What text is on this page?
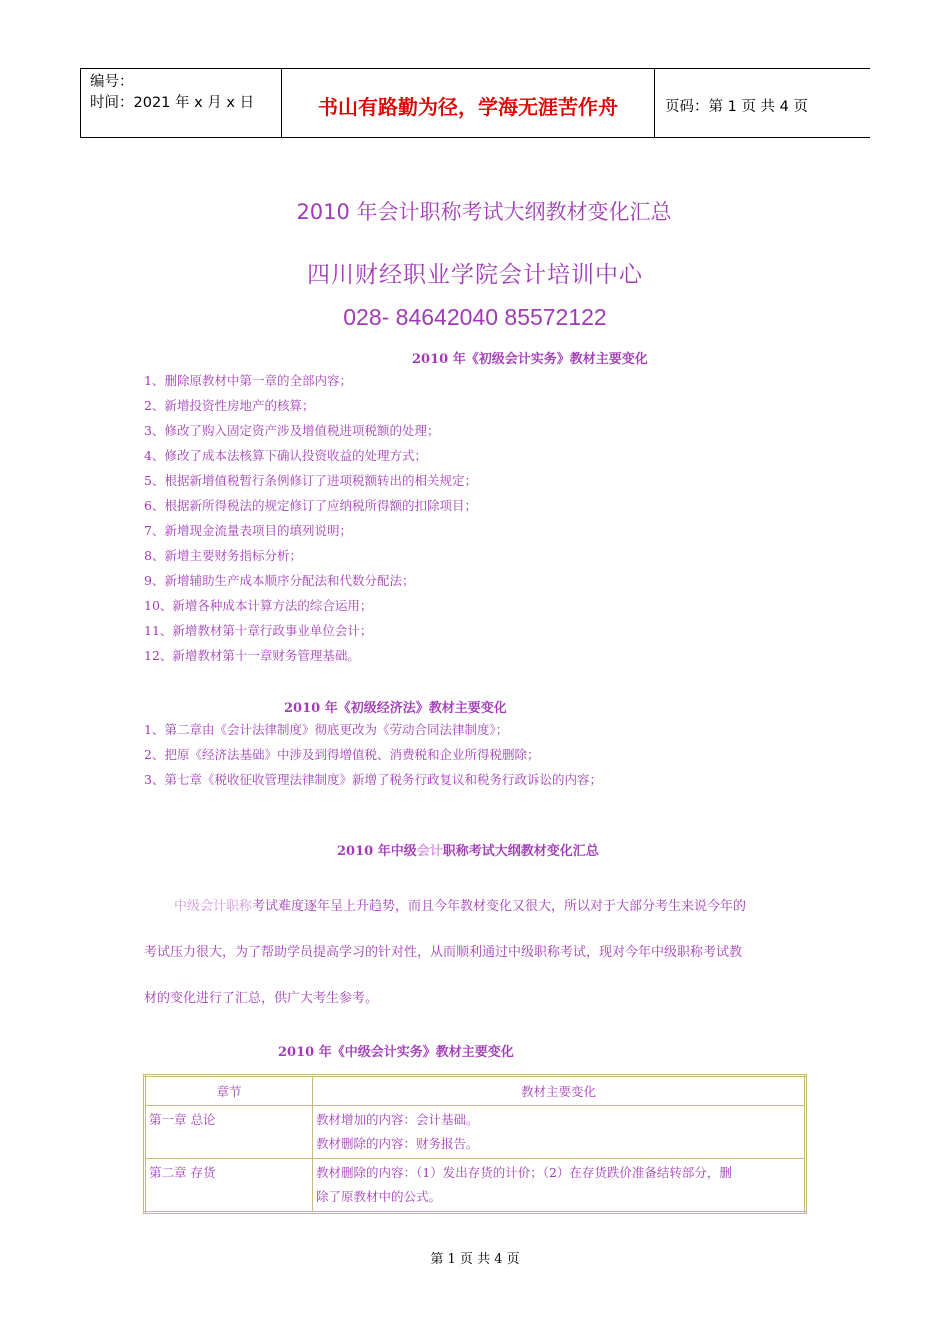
编号：
时间：2021 年 x 月 x 日	书山有路勤为径，学海无涯苦作舟	页码：第 1 页 共 4 页
2010 年会计职称考试大纲教材变化汇总
四川财经职业学院会计培训中心
028- 84642040 85572122
2010 年《初级会计实务》教材主要变化
1、删除原教材中第一章的全部内容；
2、新增投资性房地产的核算；
3、修改了购入固定资产涉及增值税进项税额的处理；
4、修改了成本法核算下确认投资收益的处理方式；
5、根据新增值税暂行条例修订了进项税额转出的相关规定；
6、根据新所得税法的规定修订了应纳税所得额的扣除项目；
7、新增现金流量表项目的填列说明；
8、新增主要财务指标分析；
9、新增辅助生产成本顺序分配法和代数分配法；
10、新增各种成本计算方法的综合运用；
11、新增教材第十章行政事业单位会计；
12、新增教材第十一章财务管理基础。
2010 年《初级经济法》教材主要变化
1、第二章由《会计法律制度》彻底更改为《劳动合同法律制度》；
2、把原《经济法基础》中涉及到得增值税、消费税和企业所得税删除；
3、第七章《税收征收管理法律制度》新增了税务行政复议和税务行政诉讼的内容；
2010 年中级会计职称考试大纲教材变化汇总
中级会计职称考试难度逐年呈上升趋势，而且今年教材变化又很大，所以对于大部分考生来说今年的
考试压力很大，为了帮助学员提高学习的针对性，从而顺利通过中级职称考试，现对今年中级职称考试教
材的变化进行了汇总，供广大考生参考。
2010 年《中级会计实务》教材主要变化
章节	教材主要变化
第一章 总论	教材增加的内容：会计基础。
教材删除的内容：财务报告。

第二章 存货	教材删除的内容：（1）发出存货的计价；（2）在存货跌价准备结转部分，删
除了原教材中的公式。
第 1 页 共 4 页
